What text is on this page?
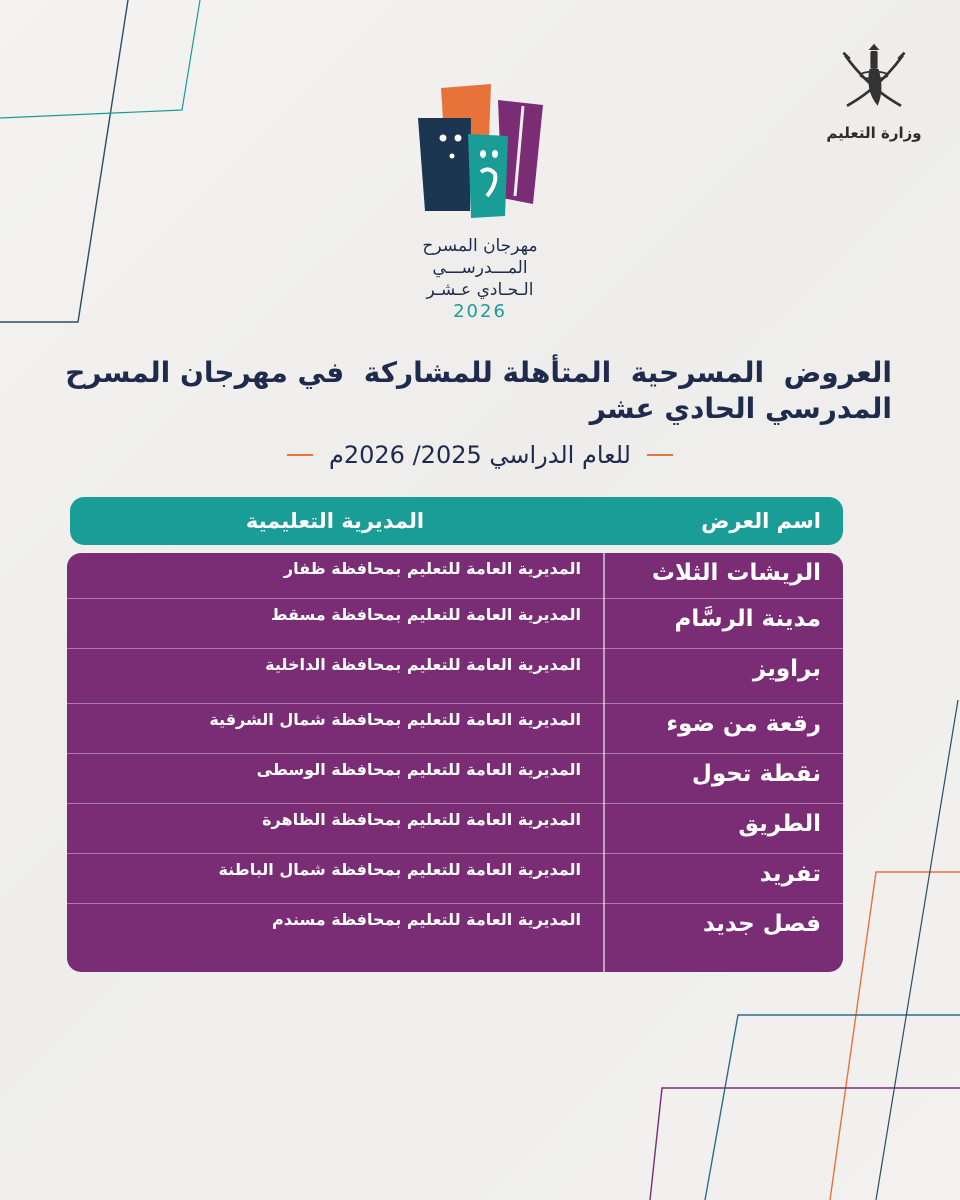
وزارة التعليم
مهرجان المسرح
المـــدرســـي
الـحـادي عـشـر
2026
العروض  المسرحية  المتأهلة للمشاركة  في مهرجان المسرح
المدرسي الحادي عشر
للعام الدراسي 2025/ 2026م
اسم العرض
المديرية التعليمية
الريشات الثلاث
المديرية العامة للتعليم بمحافظة ظفار
مدينة الرسَّام
المديرية العامة للتعليم بمحافظة مسقط
براويز
المديرية العامة للتعليم بمحافظة الداخلية
رقعة من ضوء
المديرية العامة للتعليم بمحافظة شمال الشرقية
نقطة تحول
المديرية العامة للتعليم بمحافظة الوسطى
الطريق
المديرية العامة للتعليم بمحافظة الظاهرة
تفريد
المديرية العامة للتعليم بمحافظة شمال الباطنة
فصل جديد
المديرية العامة للتعليم بمحافظة مسندم
